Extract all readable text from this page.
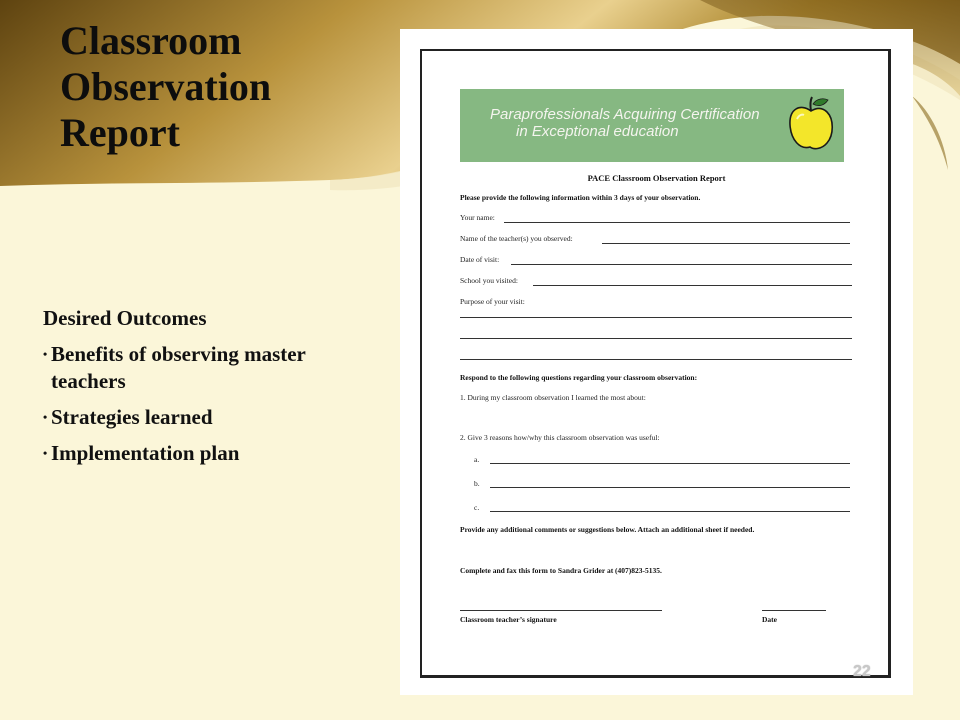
Classroom Observation Report
Desired Outcomes
• Benefits of observing master teachers
• Strategies learned
• Implementation plan
Paraprofessionals Acquiring Certification
in Exceptional education
PACE Classroom Observation Report
Please provide the following information within 3 days of your observation.
Your name:
Name of the teacher(s) you observed:
Date of visit:
School you visited:
Purpose of your visit:
Respond to the following questions regarding your classroom observation:
1. During my classroom observation I learned the most about:
2. Give 3 reasons how/why this classroom observation was useful:
a.
b.
c.
Provide any additional comments or suggestions below. Attach an additional sheet if needed.
Complete and fax this form to Sandra Grider at (407)823-5135.
Classroom teacher’s signature	Date
22
